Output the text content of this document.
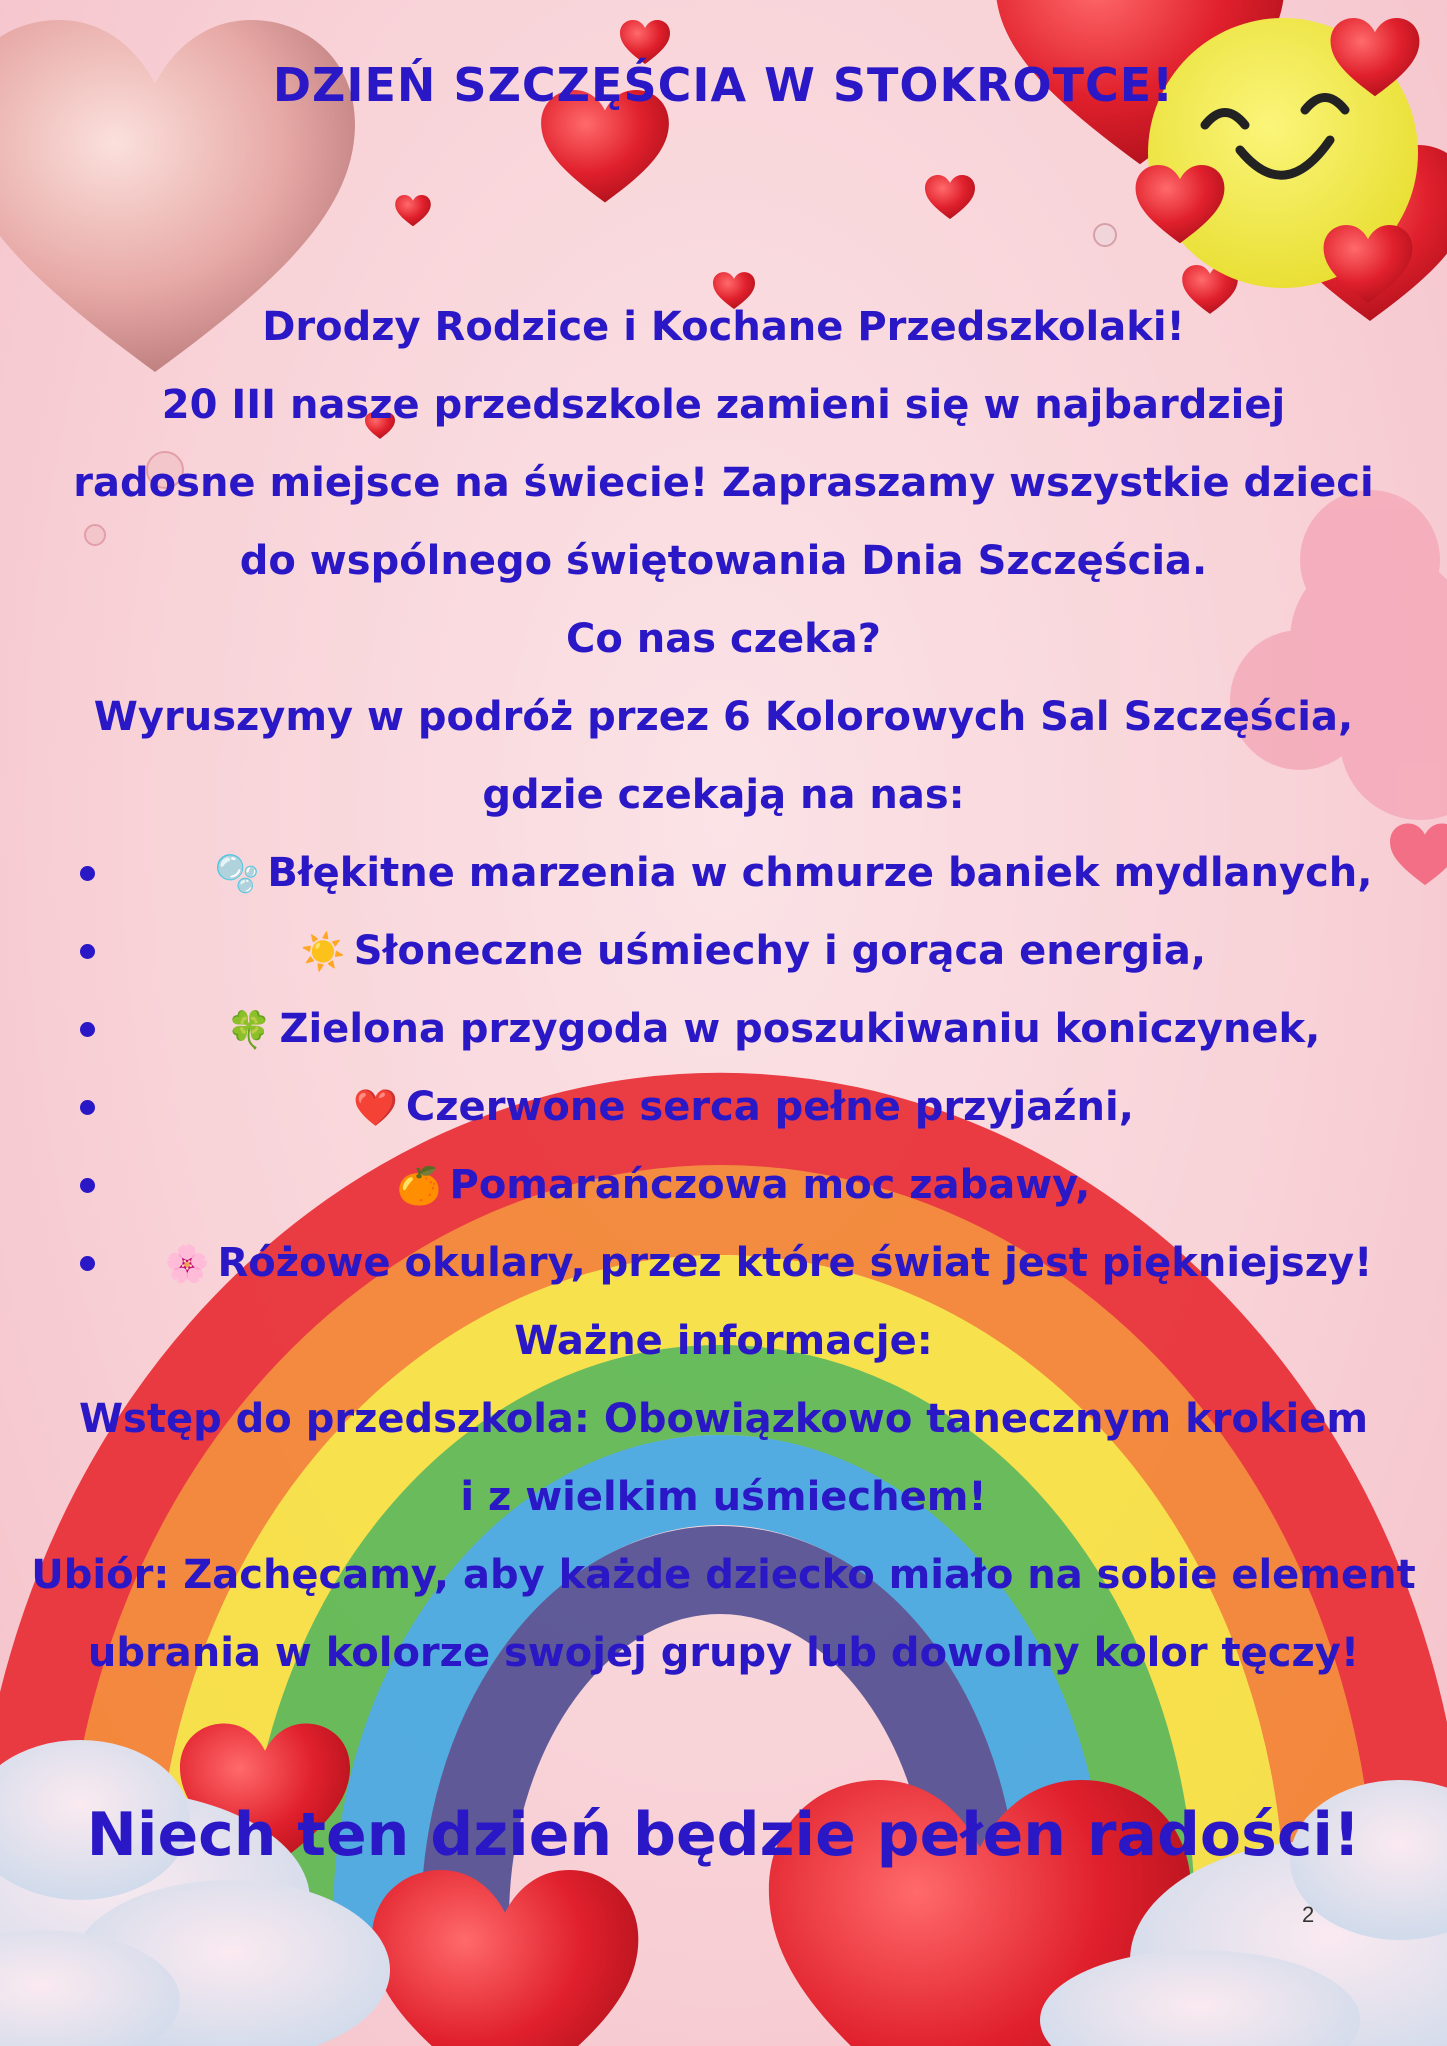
DZIEŃ SZCZĘŚCIA W STOKROTCE!
Drodzy Rodzice i Kochane Przedszkolaki!
20 III nasze przedszkole zamieni się w najbardziej
radosne miejsce na świecie! Zapraszamy wszystkie dzieci
do wspólnego świętowania Dnia Szczęścia.
Co nas czeka?
Wyruszymy w podróż przez 6 Kolorowych Sal Szczęścia,
gdzie czekają na nas:
🫧 Błękitne marzenia w chmurze baniek mydlanych,
☀️ Słoneczne uśmiechy i gorąca energia,
🍀 Zielona przygoda w poszukiwaniu koniczynek,
❤️ Czerwone serca pełne przyjaźni,
🍊 Pomarańczowa moc zabawy,
🌸 Różowe okulary, przez które świat jest piękniejszy!
Ważne informacje:
Wstęp do przedszkola: Obowiązkowo tanecznym krokiem
i z wielkim uśmiechem!
Ubiór: Zachęcamy, aby każde dziecko miało na sobie element
ubrania w kolorze swojej grupy lub dowolny kolor tęczy!
Niech ten dzień będzie pełen radości!
2
